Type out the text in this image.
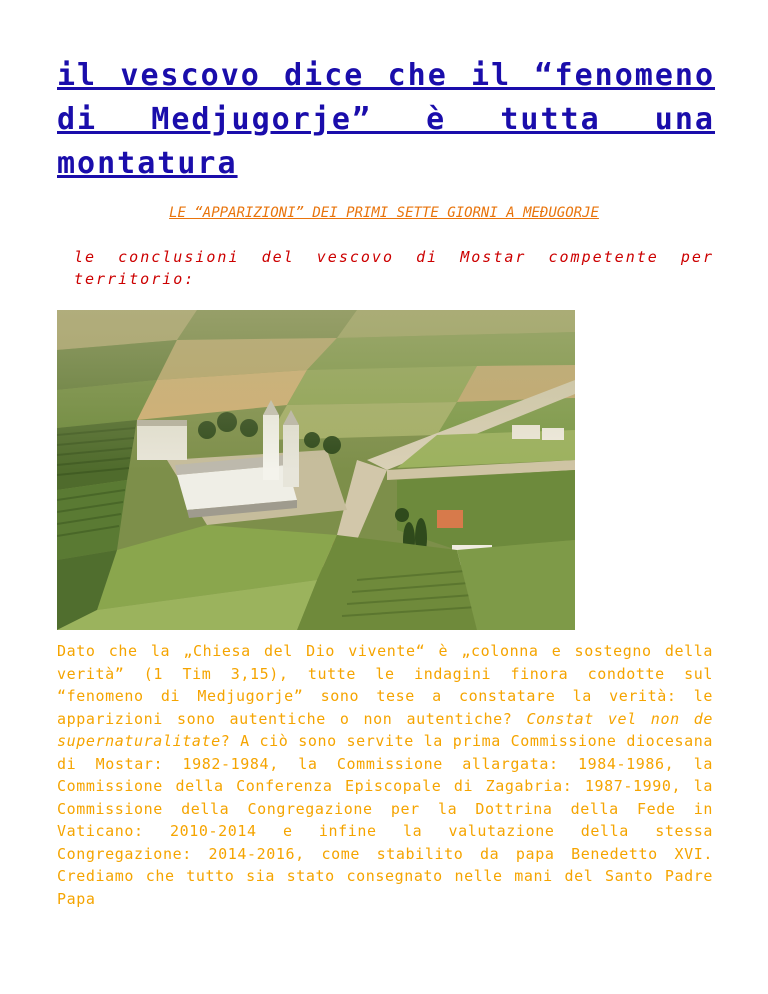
il vescovo dice che il “fenomeno di Medjugorje” è tutta una montatura
LE “APPARIZIONI” DEI PRIMI SETTE GIORNI A MEĐUGORJE
le conclusioni del vescovo di Mostar competente per territorio:

Dato che la „Chiesa del Dio vivente“ è „colonna e sostegno della verità” (1 Tim 3,15), tutte le indagini finora condotte sul “fenomeno di Medjugorje” sono tese a constatare la verità: le apparizioni sono autentiche o non autentiche? Constat vel non de supernaturalitate? A ciò sono servite la prima Commissione diocesana di Mostar: 1982-1984, la Commissione allargata: 1984-1986, la Commissione della Conferenza Episcopale di Zagabria: 1987-1990, la Commissione della Congregazione per la Dottrina della Fede in Vaticano: 2010-2014 e infine la valutazione della stessa Congregazione: 2014-2016, come stabilito da papa Benedetto XVI. Crediamo che tutto sia stato consegnato nelle mani del Santo Padre Papa
